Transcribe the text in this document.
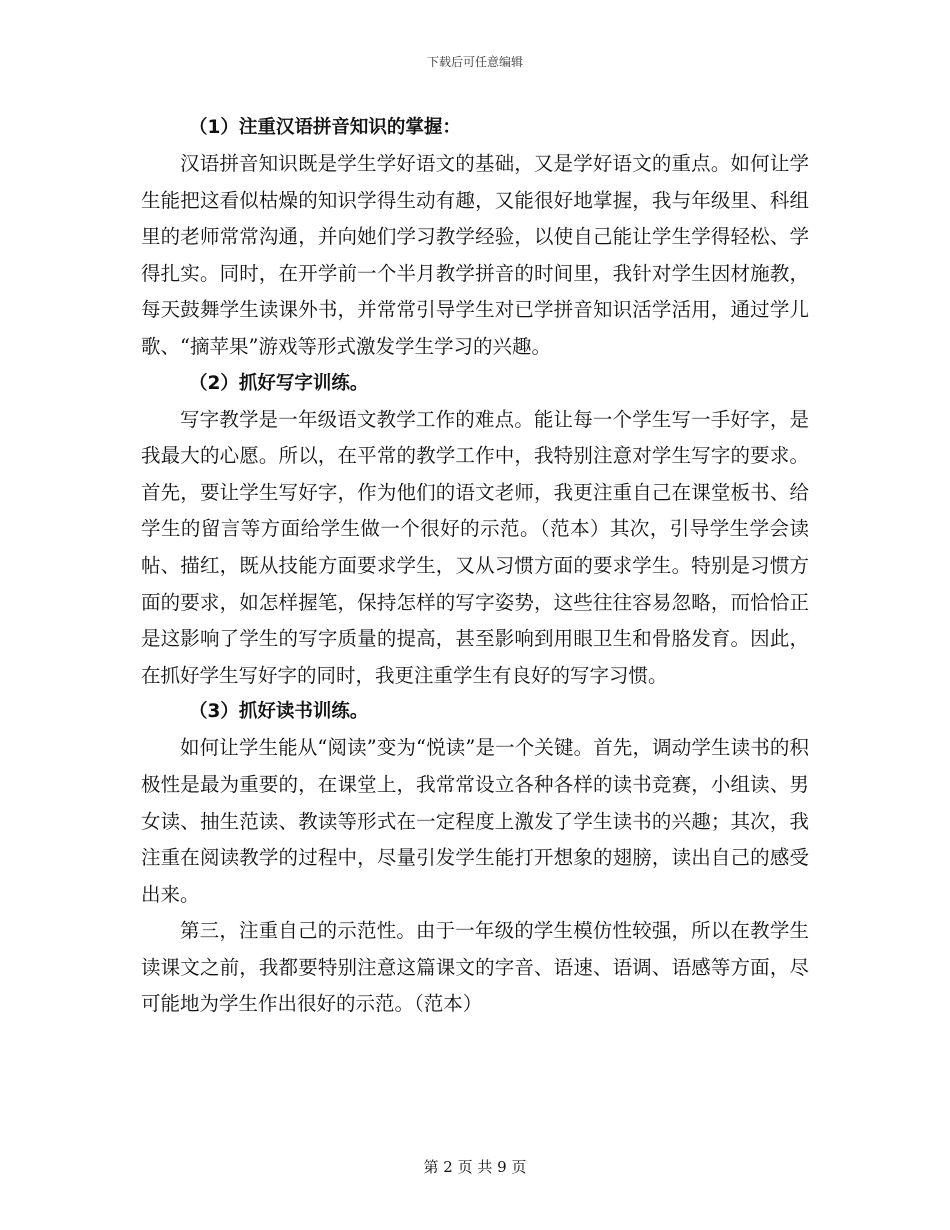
下载后可任意编辑
（1）注重汉语拼音知识的掌握：

汉语拼音知识既是学生学好语文的基础，又是学好语文的重点。如何让学生能把这看似枯燥的知识学得生动有趣，又能很好地掌握，我与年级里、科组里的老师常常沟通，并向她们学习教学经验，以使自己能让学生学得轻松、学得扎实。同时，在开学前一个半月教学拼音的时间里，我针对学生因材施教，每天鼓舞学生读课外书，并常常引导学生对已学拼音知识活学活用，通过学儿歌、“摘苹果”游戏等形式激发学生学习的兴趣。

（2）抓好写字训练。

写字教学是一年级语文教学工作的难点。能让每一个学生写一手好字，是我最大的心愿。所以，在平常的教学工作中，我特别注意对学生写字的要求。首先，要让学生写好字，作为他们的语文老师，我更注重自己在课堂板书、给学生的留言等方面给学生做一个很好的示范。（范本）其次，引导学生学会读帖、描红，既从技能方面要求学生，又从习惯方面的要求学生。特别是习惯方面的要求，如怎样握笔，保持怎样的写字姿势，这些往往容易忽略，而恰恰正是这影响了学生的写字质量的提高，甚至影响到用眼卫生和骨胳发育。因此，在抓好学生写好字的同时，我更注重学生有良好的写字习惯。

（3）抓好读书训练。

如何让学生能从“阅读”变为“悦读”是一个关键。首先，调动学生读书的积极性是最为重要的，在课堂上，我常常设立各种各样的读书竞赛，小组读、男女读、抽生范读、教读等形式在一定程度上激发了学生读书的兴趣；其次，我注重在阅读教学的过程中，尽量引发学生能打开想象的翅膀，读出自己的感受出来。

第三，注重自己的示范性。由于一年级的学生模仿性较强，所以在教学生读课文之前，我都要特别注意这篇课文的字音、语速、语调、语感等方面，尽可能地为学生作出很好的示范。（范本）

第 2 页 共 9 页
